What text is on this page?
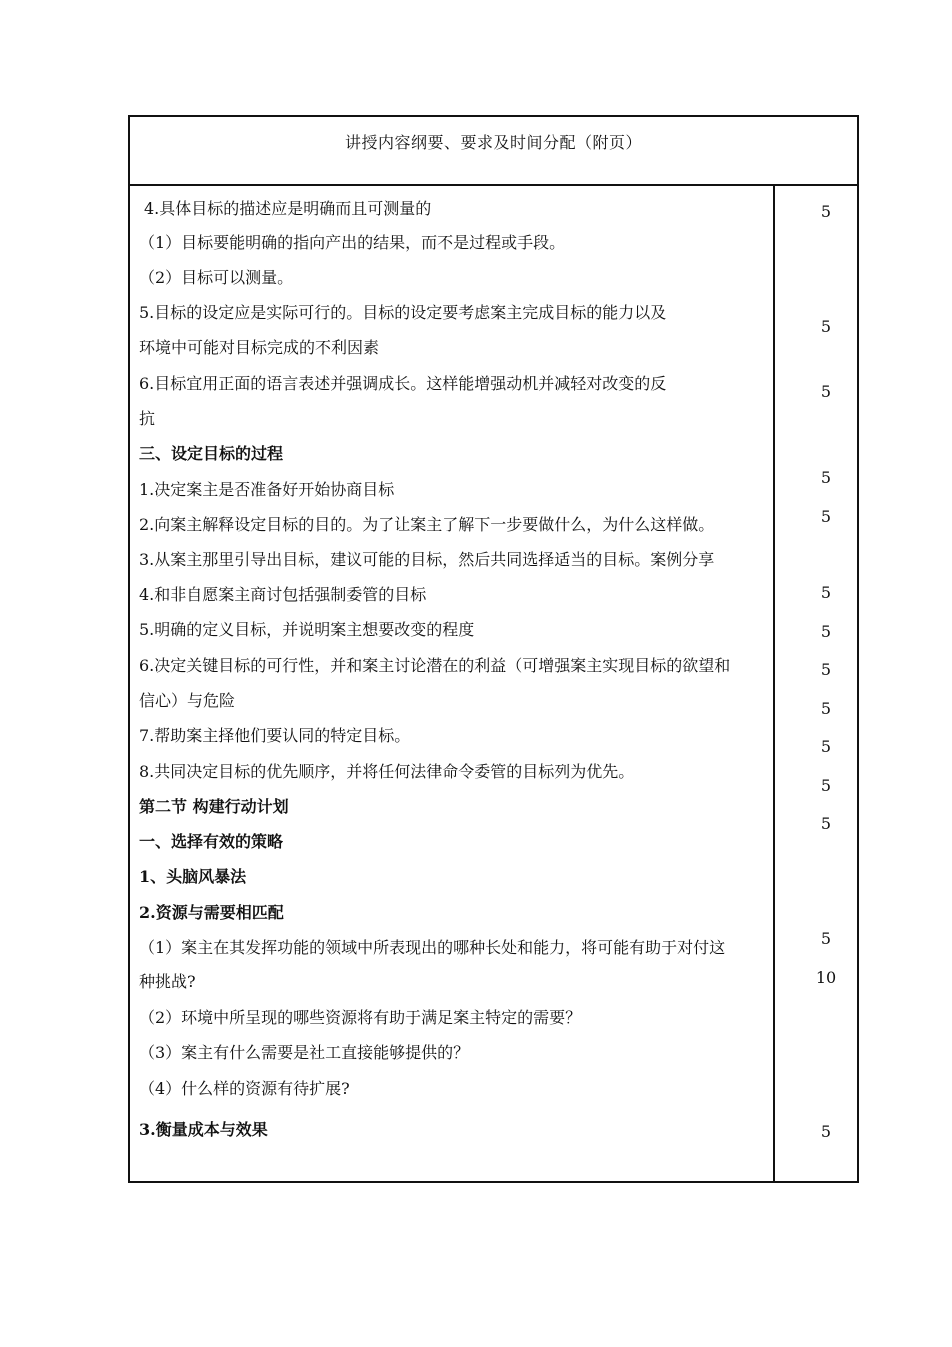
讲授内容纲要、要求及时间分配（附页）
4.具体目标的描述应是明确而且可测量的
（1）目标要能明确的指向产出的结果，而不是过程或手段。
（2）目标可以测量。
5.目标的设定应是实际可行的。目标的设定要考虑案主完成目标的能力以及
环境中可能对目标完成的不利因素
6.目标宜用正面的语言表述并强调成长。这样能增强动机并减轻对改变的反
抗
三、设定目标的过程
1.决定案主是否准备好开始协商目标
2.向案主解释设定目标的目的。为了让案主了解下一步要做什么，为什么这样做。
3.从案主那里引导出目标，建议可能的目标，然后共同选择适当的目标。案例分享
4.和非自愿案主商讨包括强制委管的目标
5.明确的定义目标，并说明案主想要改变的程度
6.决定关键目标的可行性，并和案主讨论潜在的利益（可增强案主实现目标的欲望和
信心）与危险
7.帮助案主择他们要认同的特定目标。
8.共同决定目标的优先顺序，并将任何法律命令委管的目标列为优先。
第二节 构建行动计划
一、选择有效的策略
1、头脑风暴法
2.资源与需要相匹配
（1）案主在其发挥功能的领域中所表现出的哪种长处和能力，将可能有助于对付这
种挑战?
（2）环境中所呈现的哪些资源将有助于满足案主特定的需要？
（3）案主有什么需要是社工直接能够提供的？
（4）什么样的资源有待扩展?
3.衡量成本与效果
5
5
5
5
5
5
5
5
5
5
5
5
5
10
5
